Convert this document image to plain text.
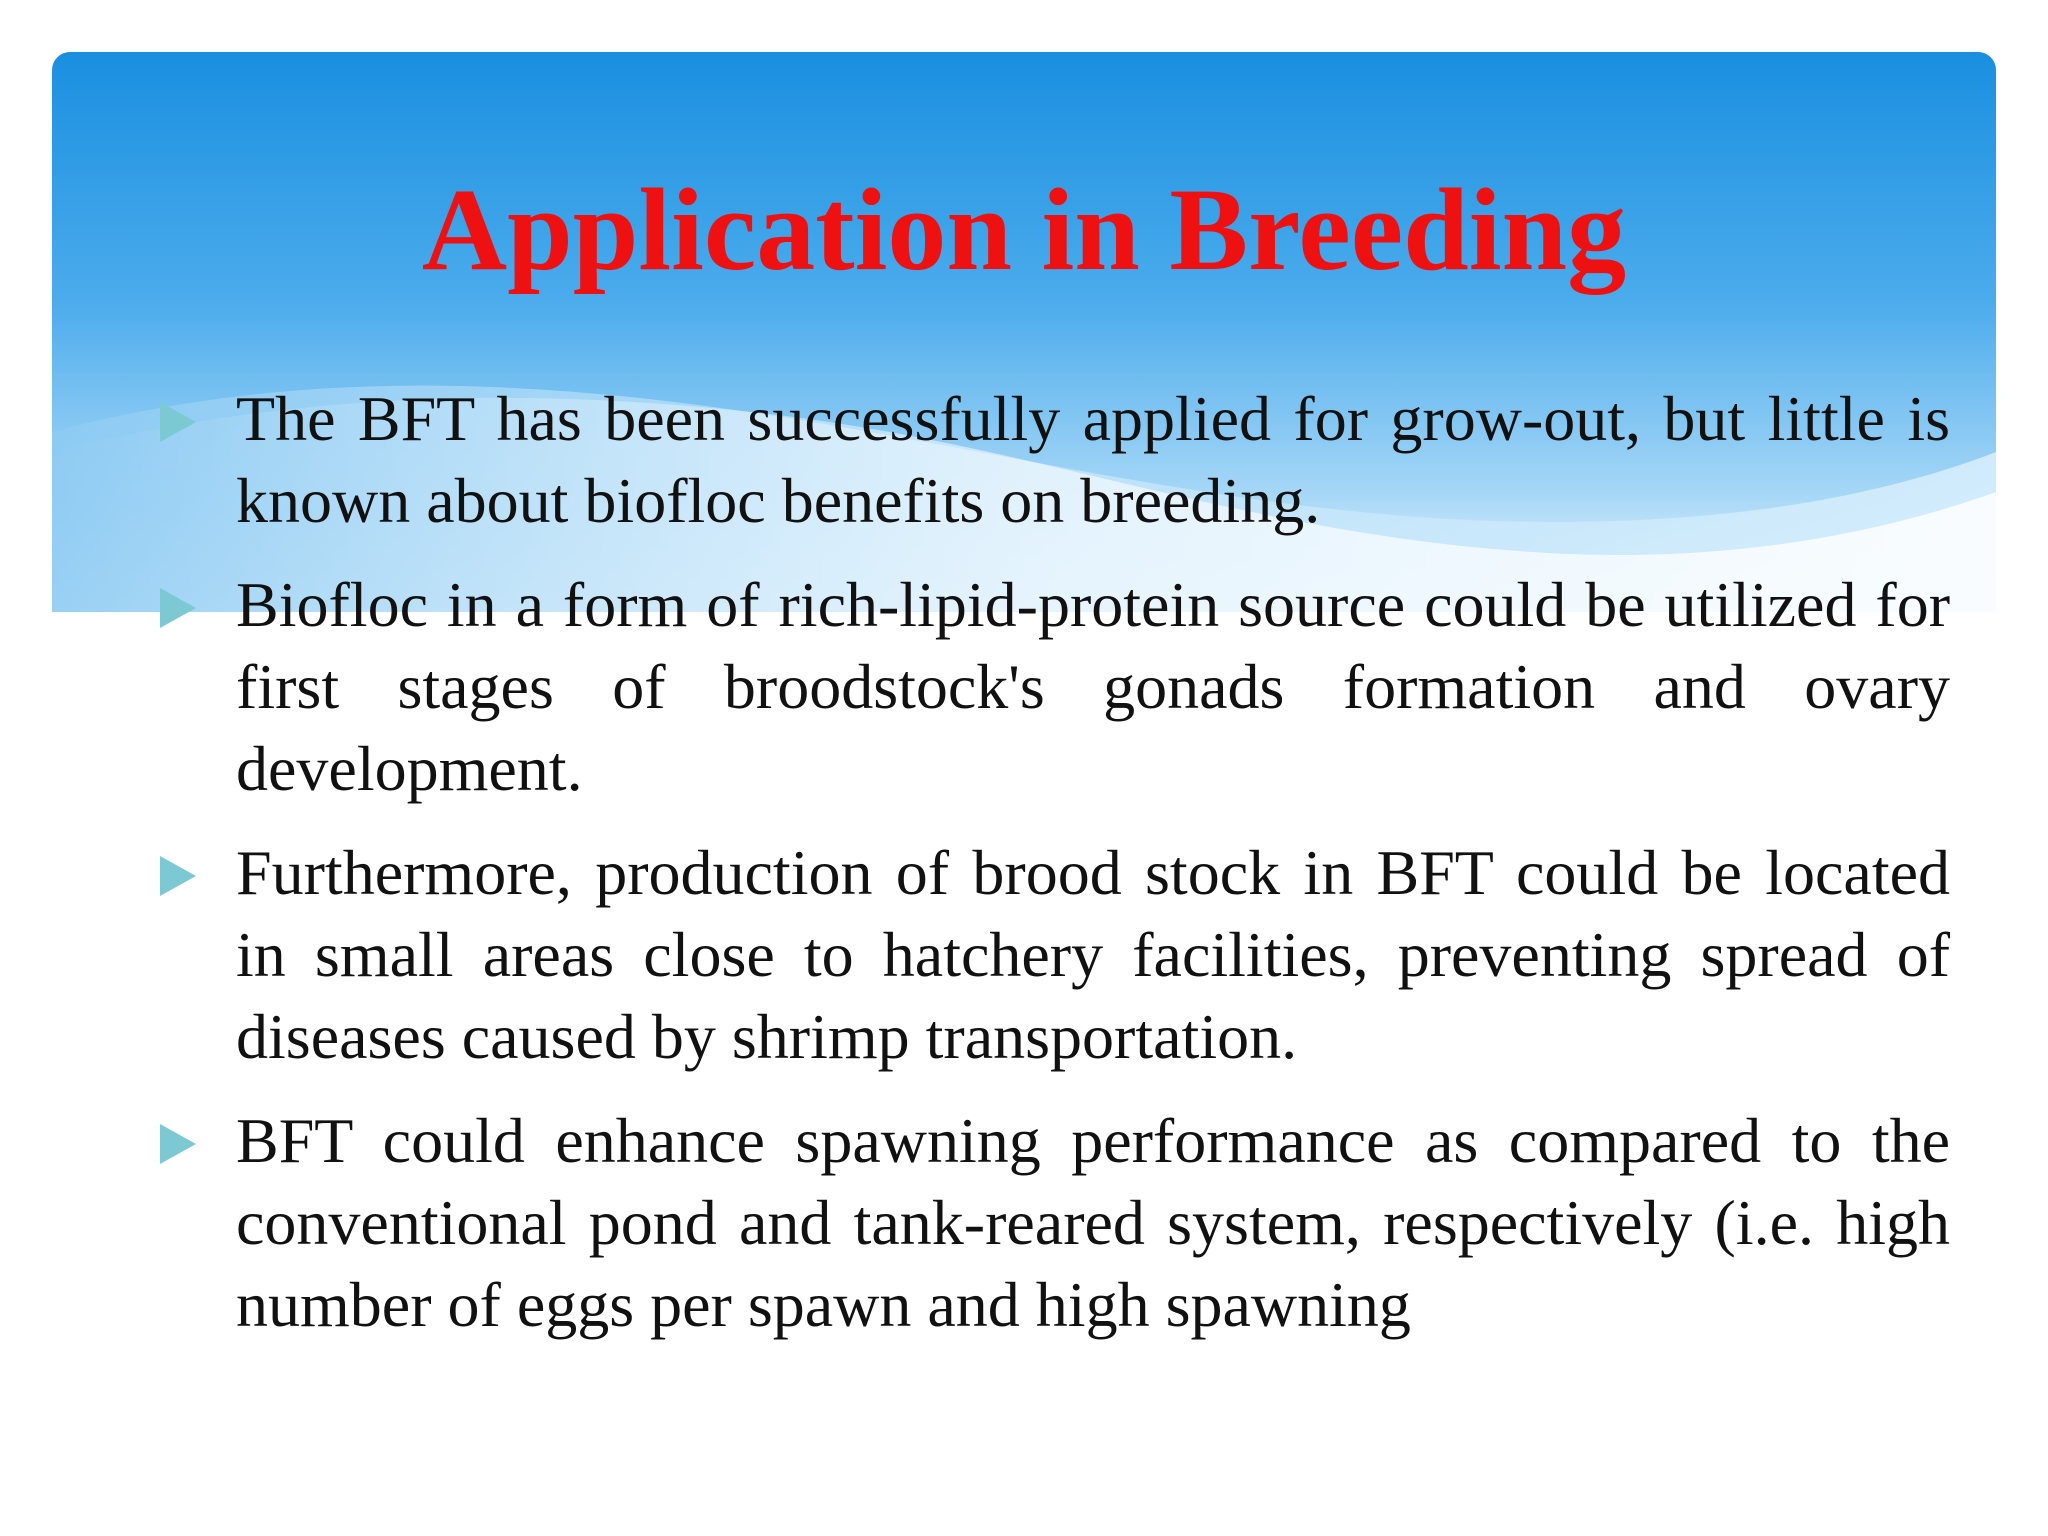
Application in Breeding
The BFT has been successfully applied for grow-out, but little is known about biofloc benefits on breeding.
Biofloc in a form of rich-lipid-protein source could be utilized for first stages of broodstock's gonads formation and ovary development.
Furthermore, production of brood stock in BFT could be located in small areas close to hatchery facilities, preventing spread of diseases caused by shrimp transportation.
BFT could enhance spawning performance as compared to the conventional pond and tank-reared system, respectively (i.e. high number of eggs per spawn and high spawning
